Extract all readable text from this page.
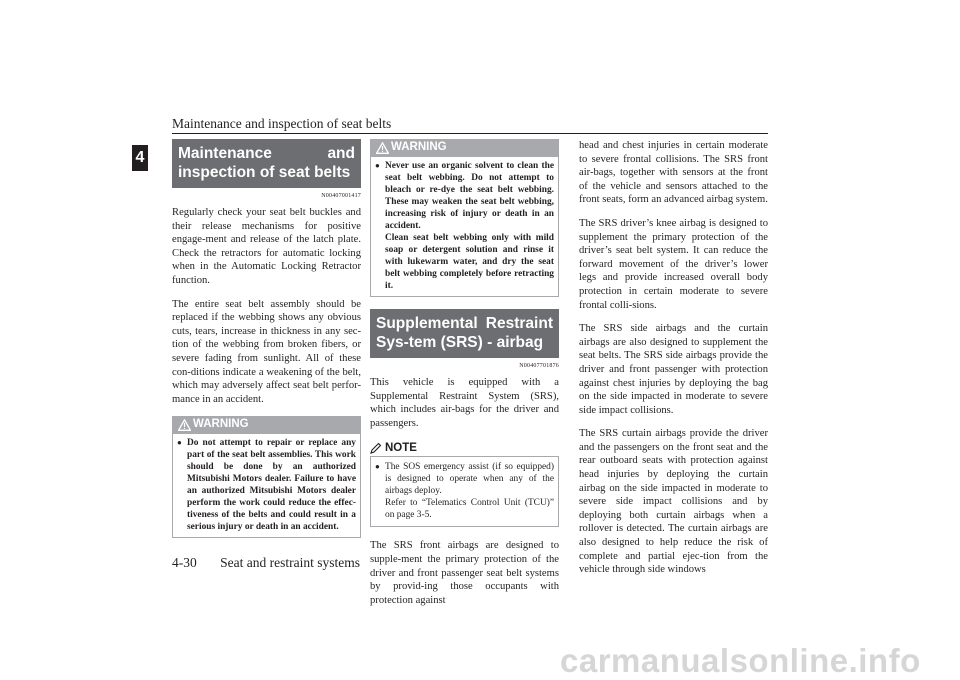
Maintenance and inspection of seat belts
4	Maintenance and inspection of seat belts
N00407001417

Regularly check your seat belt buckles and their release mechanisms for positive engage-ment and release of the latch plate. Check the retractors for automatic locking when in the Automatic Locking Retractor function.

The entire seat belt assembly should be replaced if the webbing shows any obvious cuts, tears, increase in thickness in any sec-tion of the webbing from broken fibers, or severe fading from sunlight. All of these con-ditions indicate a weakening of the belt, which may adversely affect seat belt perfor-mance in an accident.

WARNING
● Do not attempt to repair or replace any part of the seat belt assemblies. This work should be done by an authorized Mitsubishi Motors dealer. Failure to have an authorized Mitsubishi Motors dealer perform the work could reduce the effec-tiveness of the belts and could result in a serious injury or death in an accident.
WARNING
● Never use an organic solvent to clean the seat belt webbing. Do not attempt to bleach or re-dye the seat belt webbing. These may weaken the seat belt webbing, increasing risk of injury or death in an accident.
Clean seat belt webbing only with mild soap or detergent solution and rinse it with lukewarm water, and dry the seat belt webbing completely before retracting it.
Supplemental Restraint Sys-tem (SRS) - airbag
N00407701876

This vehicle is equipped with a Supplemental Restraint System (SRS), which includes air-bags for the driver and passengers.

NOTE
● The SOS emergency assist (if so equipped) is designed to operate when any of the airbags deploy.
Refer to “Telematics Control Unit (TCU)” on page 3-5.

The SRS front airbags are designed to supple-ment the primary protection of the driver and front passenger seat belt systems by provid-ing those occupants with protection against

head and chest injuries in certain moderate to severe frontal collisions. The SRS front air-bags, together with sensors at the front of the vehicle and sensors attached to the front seats, form an advanced airbag system.

The SRS driver’s knee airbag is designed to supplement the primary protection of the driver’s seat belt system. It can reduce the forward movement of the driver’s lower legs and provide increased overall body protection in certain moderate to severe frontal colli-sions.

The SRS side airbags and the curtain airbags are also designed to supplement the seat belts. The SRS side airbags provide the driver and front passenger with protection against chest injuries by deploying the bag on the side impacted in moderate to severe side impact collisions.

The SRS curtain airbags provide the driver and the passengers on the front seat and the rear outboard seats with protection against head injuries by deploying the curtain airbag on the side impacted in moderate to severe side impact collisions and by deploying both curtain airbags when a rollover is detected. The curtain airbags are also designed to help reduce the risk of complete and partial ejec-tion from the vehicle through side windows

4-30 Seat and restraint systems
carmanualsonline.info
